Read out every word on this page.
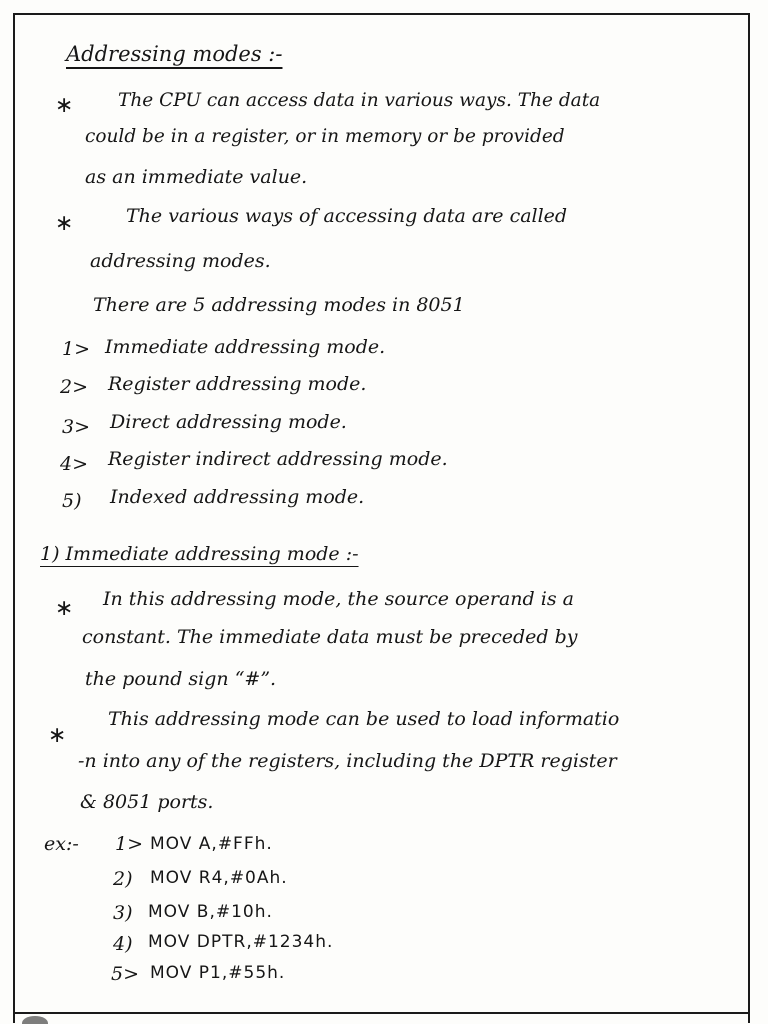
Addressing modes :-
∗ The CPU can access data in various ways. The data
could be in a register, or in memory or be provided
as an immediate value.
∗	The various ways of accessing data are called
addressing modes.
There are 5 addressing modes in 8051
1> Immediate addressing mode.
2> Register addressing mode.
3> Direct addressing mode.
4> Register indirect addressing mode.
5) Indexed addressing mode.
1) Immediate addressing mode :-
∗ In this addressing mode, the source operand is a
constant. The immediate data must be preceded by
the pound sign “#”.
∗
This addressing mode can be used to load informatio
-n into any of the registers, including the DPTR register
& 8051 ports.
ex:- 1> MOV A,#FFh.
2) MOV R4,#0Ah.
3) MOV B,#10h.
4) MOV DPTR,#1234h.
5> MOV P1,#55h.
